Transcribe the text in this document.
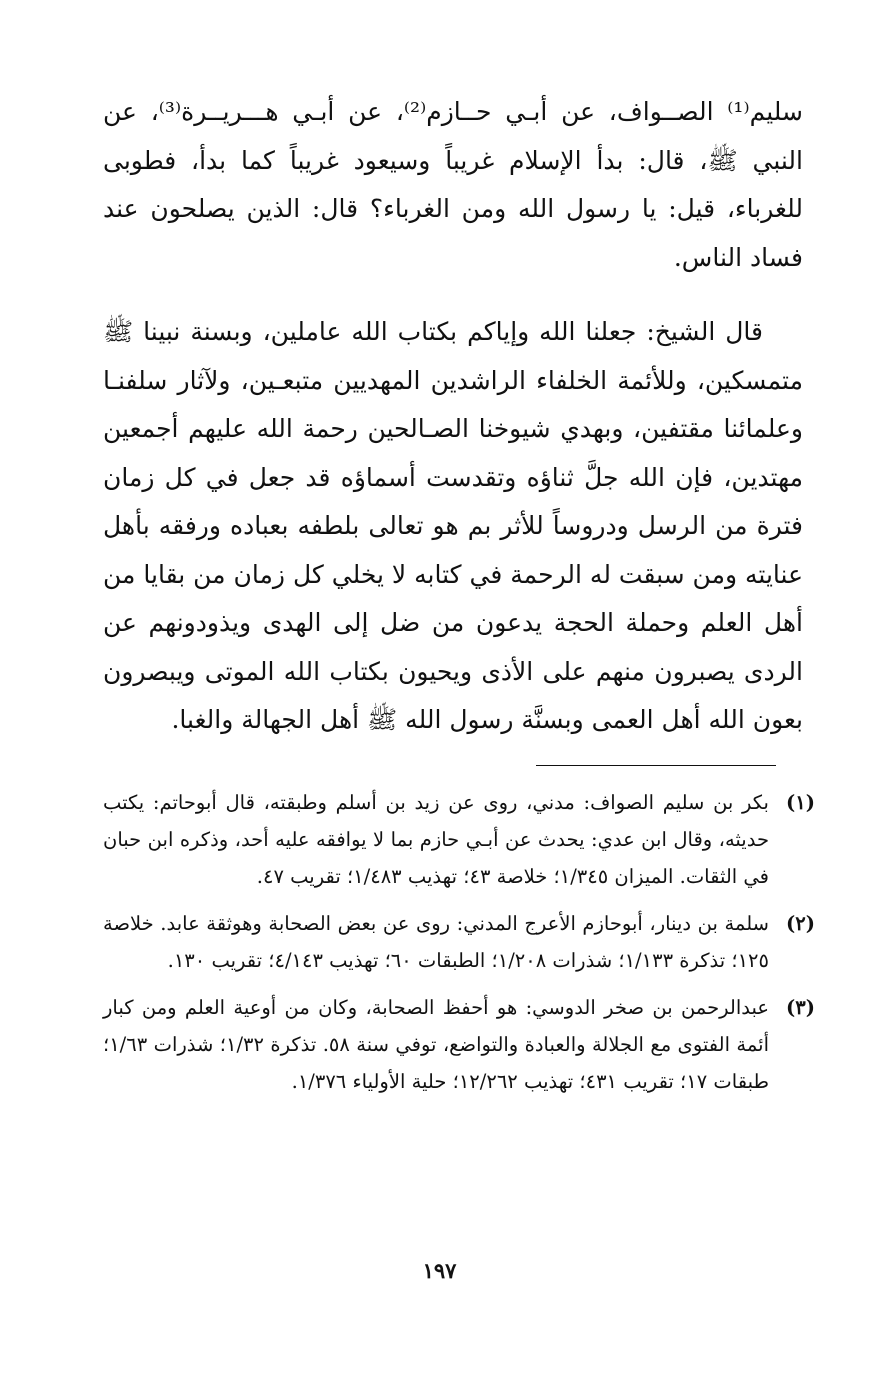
سليم⁽¹⁾ الصــواف، عن أبـي حــازم⁽²⁾، عن أبـي هـــريــرة⁽³⁾، عن النبي ﷺ، قال: بدأ الإسلام غريباً وسيعود غريباً كما بدأ، فطوبى للغرباء، قيل: يا رسول الله ومن الغرباء؟ قال: الذين يصلحون عند فساد الناس.

قال الشيخ: جعلنا الله وإياكم بكتاب الله عاملين، وبسنة نبينا ﷺ متمسكين، وللأئمة الخلفاء الراشدين المهديين متبعـين، ولآثار سلفنـا وعلمائنا مقتفين، وبهدي شيوخنا الصـالحين رحمة الله عليهم أجمعين مهتدين، فإن الله جلَّ ثناؤه وتقدست أسماؤه قد جعل في كل زمان فترة من الرسل ودروساً للأثر بم هو تعالى بلطفه بعباده ورفقه بأهل عنايته ومن سبقت له الرحمة في كتابه لا يخلي كل زمان من بقايا من أهل العلم وحملة الحجة يدعون من ضل إلى الهدى ويذودونهم عن الردى يصبرون منهم على الأذى ويحيون بكتاب الله الموتى ويبصرون بعون الله أهل العمى وبسنَّة رسول الله ﷺ أهل الجهالة والغبا.

(١)
بكر بن سليم الصواف: مدني، روى عن زيد بن أسلم وطبقته، قال أبوحاتم: يكتب حديثه، وقال ابن عدي: يحدث عن أبـي حازم بما لا يوافقه عليه أحد، وذكره ابن حبان في الثقات. الميزان ١/٣٤٥؛ خلاصة ٤٣؛ تهذيب ١/٤٨٣؛ تقريب ٤٧.
(٢)
سلمة بن دينار، أبوحازم الأعرج المدني: روى عن بعض الصحابة وهوثقة عابد. خلاصة ١٢٥؛ تذكرة ١/١٣٣؛ شذرات ١/٢٠٨؛ الطبقات ٦٠؛ تهذيب ٤/١٤٣؛ تقريب ١٣٠.
(٣)
عبدالرحمن بن صخر الدوسي: هو أحفظ الصحابة، وكان من أوعية العلم ومن كبار أئمة الفتوى مع الجلالة والعبادة والتواضع، توفي سنة ٥٨. تذكرة ١/٣٢؛ شذرات ١/٦٣؛ طبقات ١٧؛ تقريب ٤٣١؛ تهذيب ١٢/٢٦٢؛ حلية الأولياء ١/٣٧٦.
١٩٧
